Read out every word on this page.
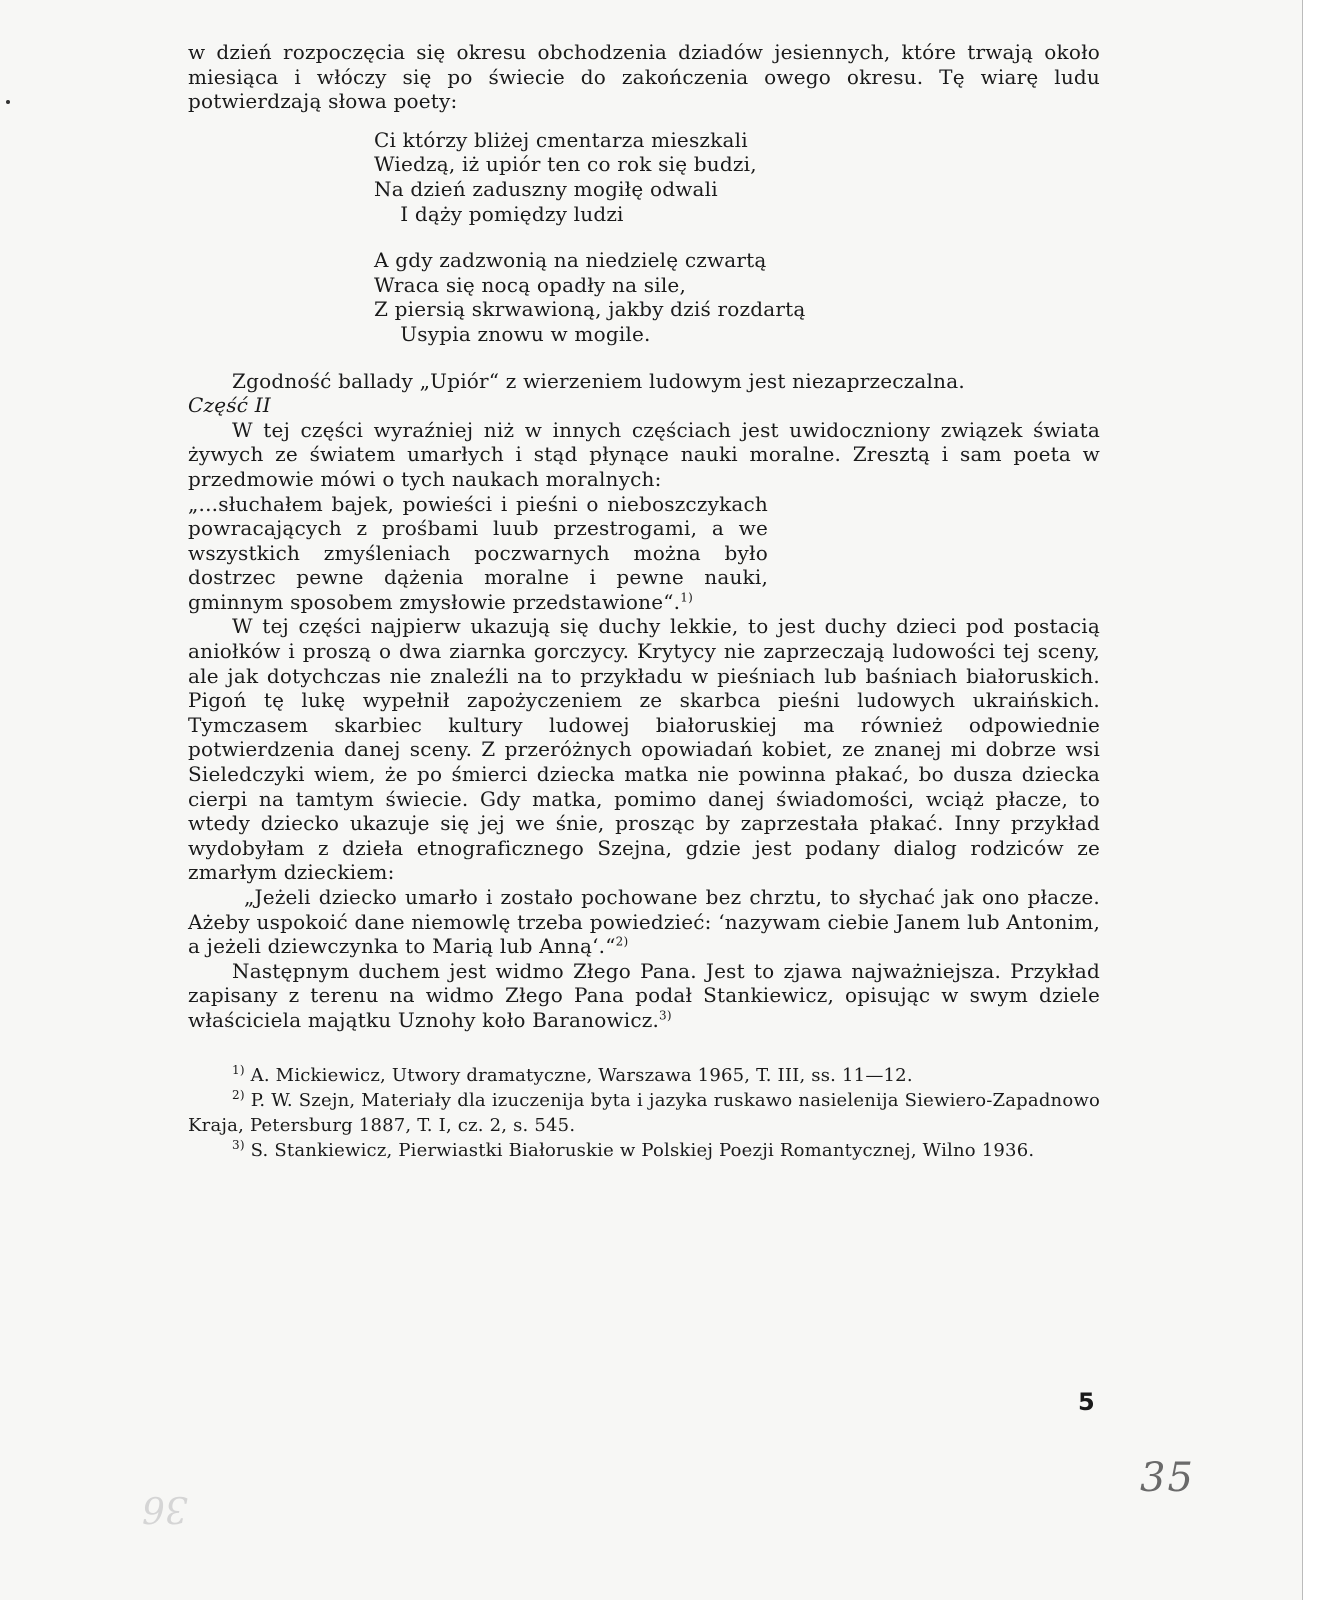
w dzień rozpoczęcia się okresu obchodzenia dziadów jesiennych, które trwają około miesiąca i włóczy się po świecie do zakończenia owego okresu. Tę wiarę ludu potwierdzają słowa poety:

Ci którzy bliżej cmentarza mieszkali
Wiedzą, iż upiór ten co rok się budzi,
Na dzień zaduszny mogiłę odwali
I dąży pomiędzy ludzi
A gdy zadzwonią na niedzielę czwartą
Wraca się nocą opadły na sile,
Z piersią skrwawioną, jakby dziś rozdartą
Usypia znowu w mogile.

Zgodność ballady „Upiór“ z wierzeniem ludowym jest niezaprzeczalna.

Część II

W tej części wyraźniej niż w innych częściach jest uwidoczniony związek świata żywych ze światem umarłych i stąd płynące nauki moralne. Zresztą i sam poeta w przedmowie mówi o tych naukach moralnych:

„...słuchałem bajek, powieści i pieśni o nieboszczykach powracających z prośbami luub przestrogami, a we wszystkich zmyśleniach poczwarnych można było dostrzec pewne dążenia moralne i pewne nauki, gminnym sposobem zmysłowie przedstawione“.$^{1)}$

W tej części najpierw ukazują się duchy lekkie, to jest duchy dzieci pod postacią aniołków i proszą o dwa ziarnka gorczycy. Krytycy nie zaprzeczają ludowości tej sceny, ale jak dotychczas nie znaleźli na to przykładu w pieśniach lub baśniach białoruskich. Pigoń tę lukę wypełnił zapożyczeniem ze skarbca pieśni ludowych ukraińskich. Tymczasem skarbiec kultury ludowej białoruskiej ma również odpowiednie potwierdzenia danej sceny. Z przeróżnych opowiadań kobiet, ze znanej mi dobrze wsi Sieledczyki wiem, że po śmierci dziecka matka nie powinna płakać, bo dusza dziecka cierpi na tamtym świecie. Gdy matka, pomimo danej świadomości, wciąż płacze, to wtedy dziecko ukazuje się jej we śnie, prosząc by zaprzestała płakać. Inny przykład wydobyłam z dzieła etnograficznego Szejna, gdzie jest podany dialog rodziców ze zmarłym dzieckiem:

„Jeżeli dziecko umarło i zostało pochowane bez chrztu, to słychać jak ono płacze. Ażeby uspokoić dane niemowlę trzeba powiedzieć: ‘nazywam ciebie Janem lub Antonim, a jeżeli dziewczynka to Marią lub Anną‘.“$^{2)}$

Następnym duchem jest widmo Złego Pana. Jest to zjawa najważniejsza. Przykład zapisany z terenu na widmo Złego Pana podał Stankiewicz, opisując w swym dziele właściciela majątku Uznohy koło Baranowicz.$^{3)}$

$^{1)}$ A. Mickiewicz, Utwory dramatyczne, Warszawa 1965, T. III, ss. 11—12.

$^{2)}$ P. W. Szejn, Materiały dla izuczenija byta i jazyka ruskawo nasielenija Siewiero-Zapadnowo Kraja, Petersburg 1887, T. I, cz. 2, s. 545.

$^{3)}$ S. Stankiewicz, Pierwiastki Białoruskie w Polskiej Poezji Romantycznej, Wilno 1936.

5
35
36
